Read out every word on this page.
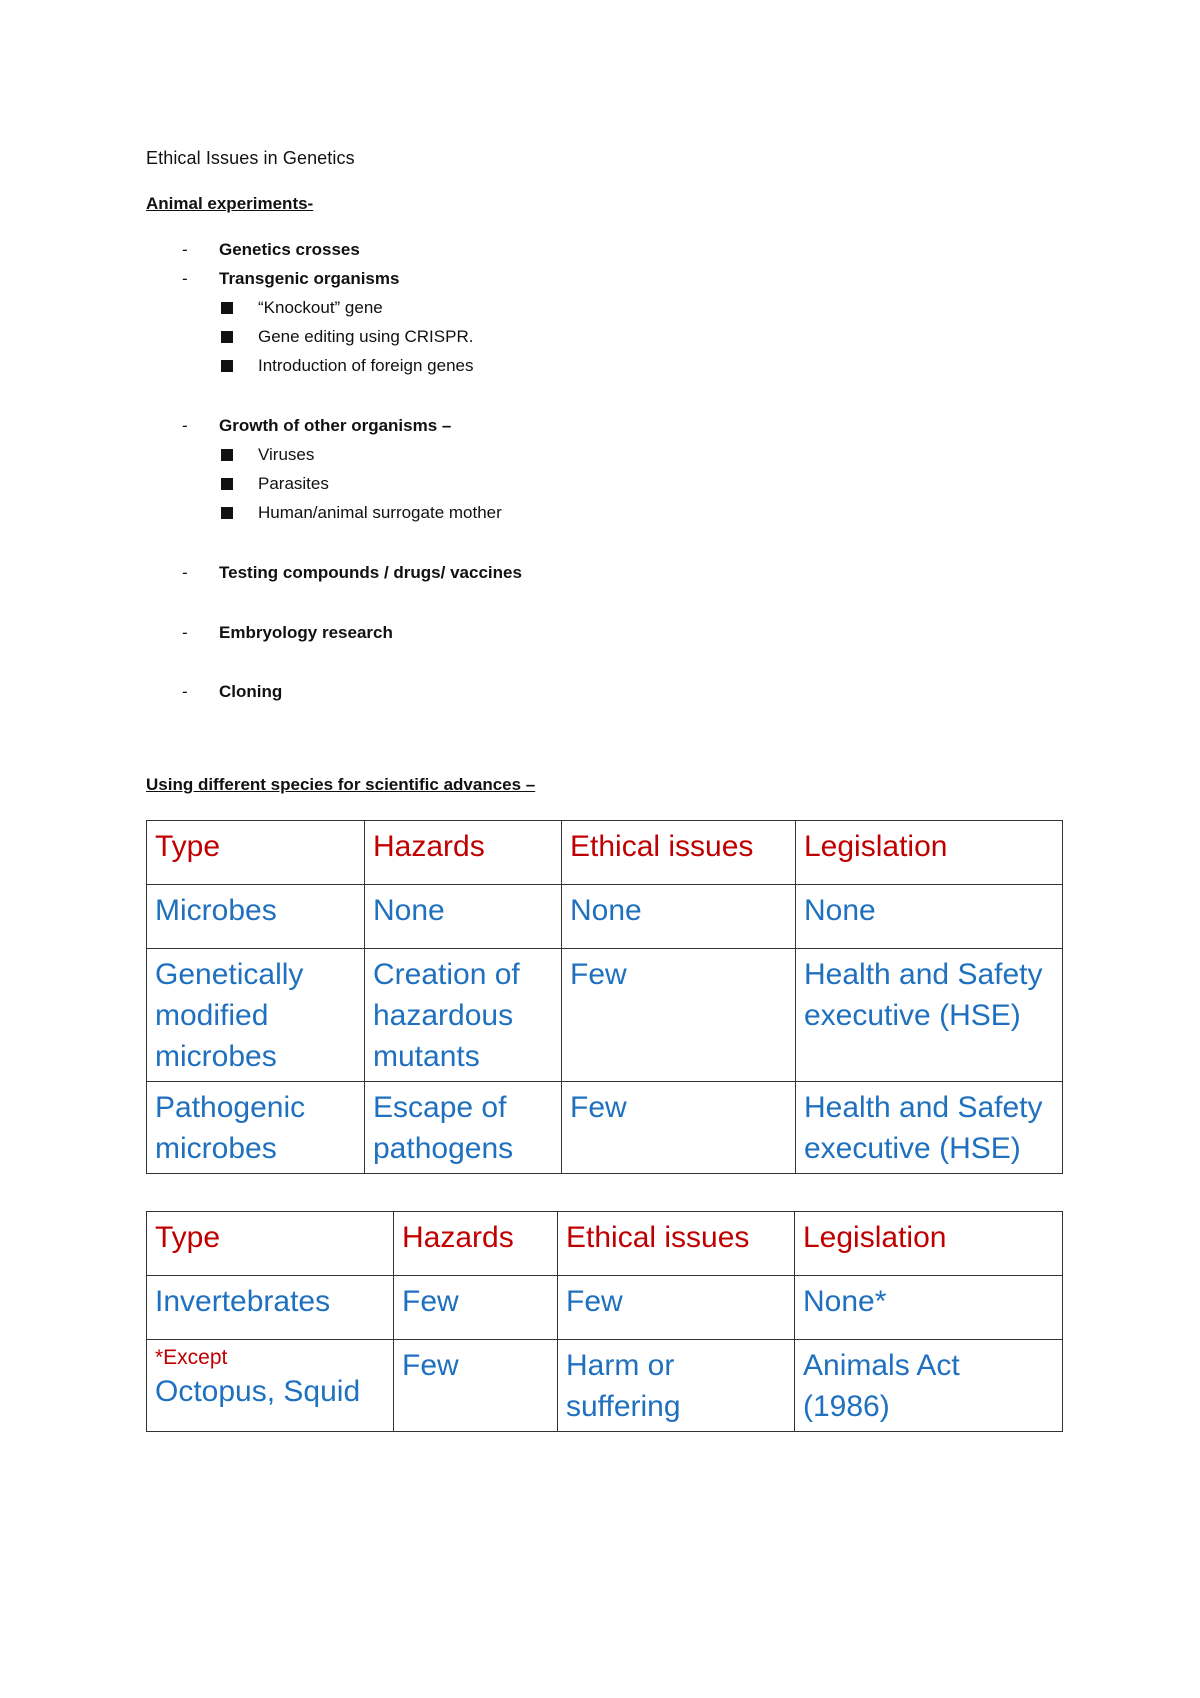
Ethical Issues in Genetics
Animal experiments-
-	Genetics crosses
-	Transgenic organisms
“Knockout” gene
Gene editing using CRISPR.
Introduction of foreign genes
-	Growth of other organisms –
Viruses
Parasites
Human/animal surrogate mother
-	Testing compounds / drugs/ vaccines
-	Embryology research
-	Cloning
Using different species for scientific advances –
Type	Hazards	Ethical issues	Legislation
Microbes	None	None	None
Genetically modified microbes	Creation of hazardous mutants	Few	Health and Safety executive (HSE)
Pathogenic microbes	Escape of pathogens	Few	Health and Safety executive (HSE)
Type	Hazards	Ethical issues	Legislation
Invertebrates	Few	Few	None*

*Except
Octopus, Squid	Few	Harm or suffering	Animals Act (1986)
